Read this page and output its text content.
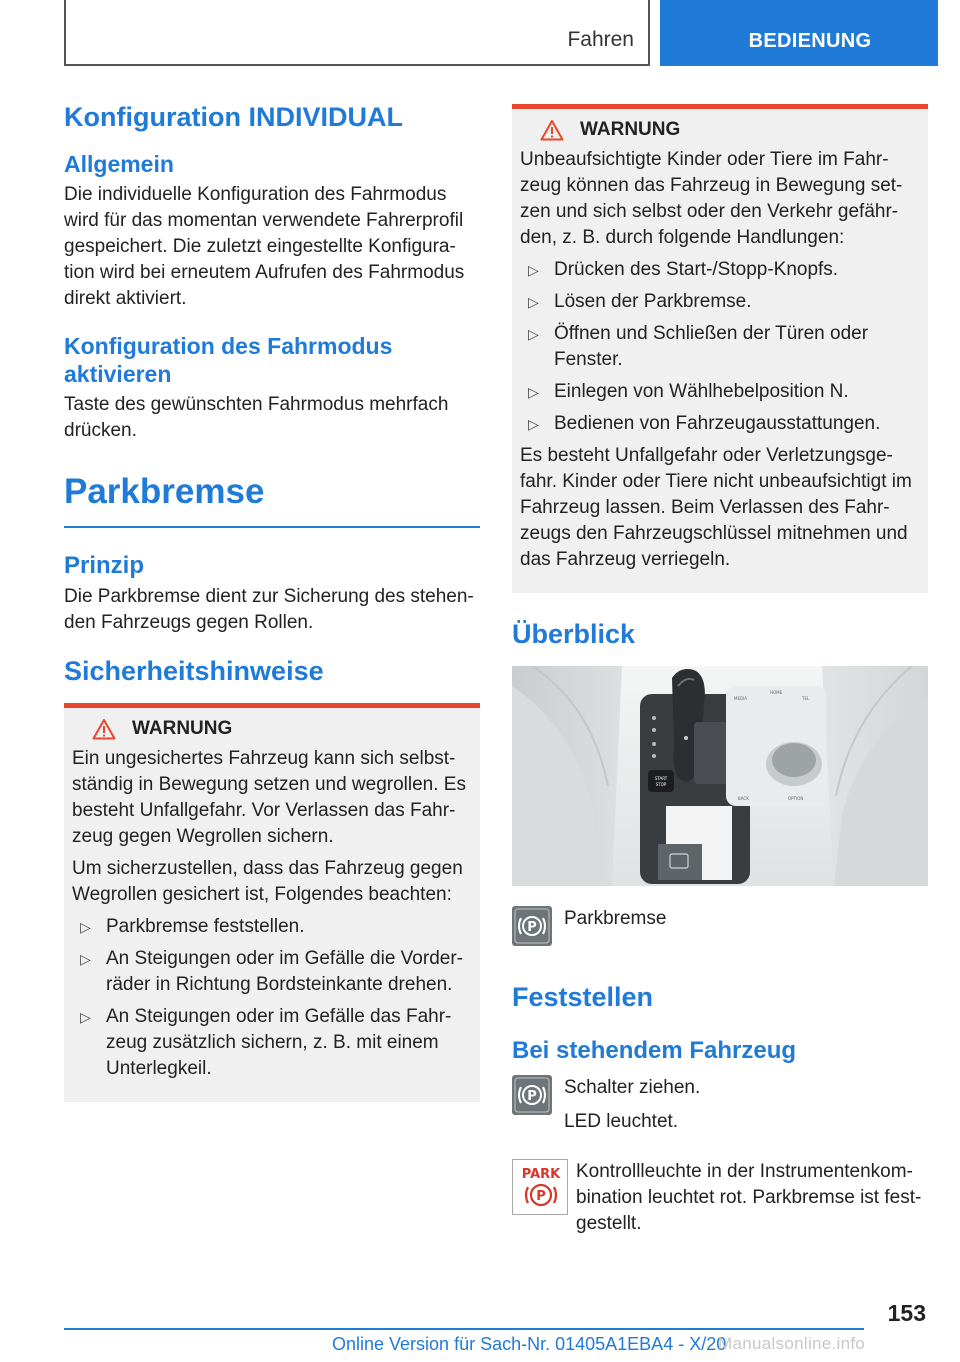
Fahren	BEDIENUNG
Konfiguration INDIVIDUAL
Allgemein

Die individuelle Konfiguration des Fahrmodus wird für das momentan verwendete Fahrerprofil gespeichert. Die zuletzt eingestellte Konfigura‐tion wird bei erneutem Aufrufen des Fahrmodus direkt aktiviert.

Konfiguration des Fahrmodus aktivieren

Taste des gewünschten Fahrmodus mehrfach drücken.

Parkbremse
Prinzip

Die Parkbremse dient zur Sicherung des stehen‐den Fahrzeugs gegen Rollen.

Sicherheitshinweise
WARNUNG

Ein ungesichertes Fahrzeug kann sich selbst‐ständig in Bewegung setzen und wegrollen. Es besteht Unfallgefahr. Vor Verlassen das Fahr‐zeug gegen Wegrollen sichern.

Um sicherzustellen, dass das Fahrzeug gegen Wegrollen gesichert ist, Folgendes beachten:

▷ Parkbremse feststellen.
▷ An Steigungen oder im Gefälle die Vorder‐räder in Richtung Bordsteinkante drehen.
▷ An Steigungen oder im Gefälle das Fahr‐zeug zusätzlich sichern, z. B. mit einem Unterlegkeil.
WARNUNG

Unbeaufsichtigte Kinder oder Tiere im Fahr‐zeug können das Fahrzeug in Bewegung set‐zen und sich selbst oder den Verkehr gefähr‐den, z. B. durch folgende Handlungen:

▷ Drücken des Start-/Stopp-Knopfs.
▷ Lösen der Parkbremse.
▷ Öffnen und Schließen der Türen oder Fenster.
▷ Einlegen von Wählhebelposition N.
▷ Bedienen von Fahrzeugausstattungen.

Es besteht Unfallgefahr oder Verletzungsge‐fahr. Kinder oder Tiere nicht unbeaufsichtigt im Fahrzeug lassen. Beim Verlassen des Fahr‐zeugs den Fahrzeugschlüssel mitnehmen und das Fahrzeug verriegeln.

Überblick
START
STOP
MEDIA
HOME
TEL
BACK	OPTION
P Parkbremse

Feststellen
Bei stehendem Fahrzeug
P Schalter ziehen.

LED leuchtet.

PARK
P

Kontrollleuchte in der Instrumentenkom‐bination leuchtet rot. Parkbremse ist fest‐gestellt.

153
Online Version für Sach-Nr. 01405A1EBA4 - X/20
Manualsonline.info
